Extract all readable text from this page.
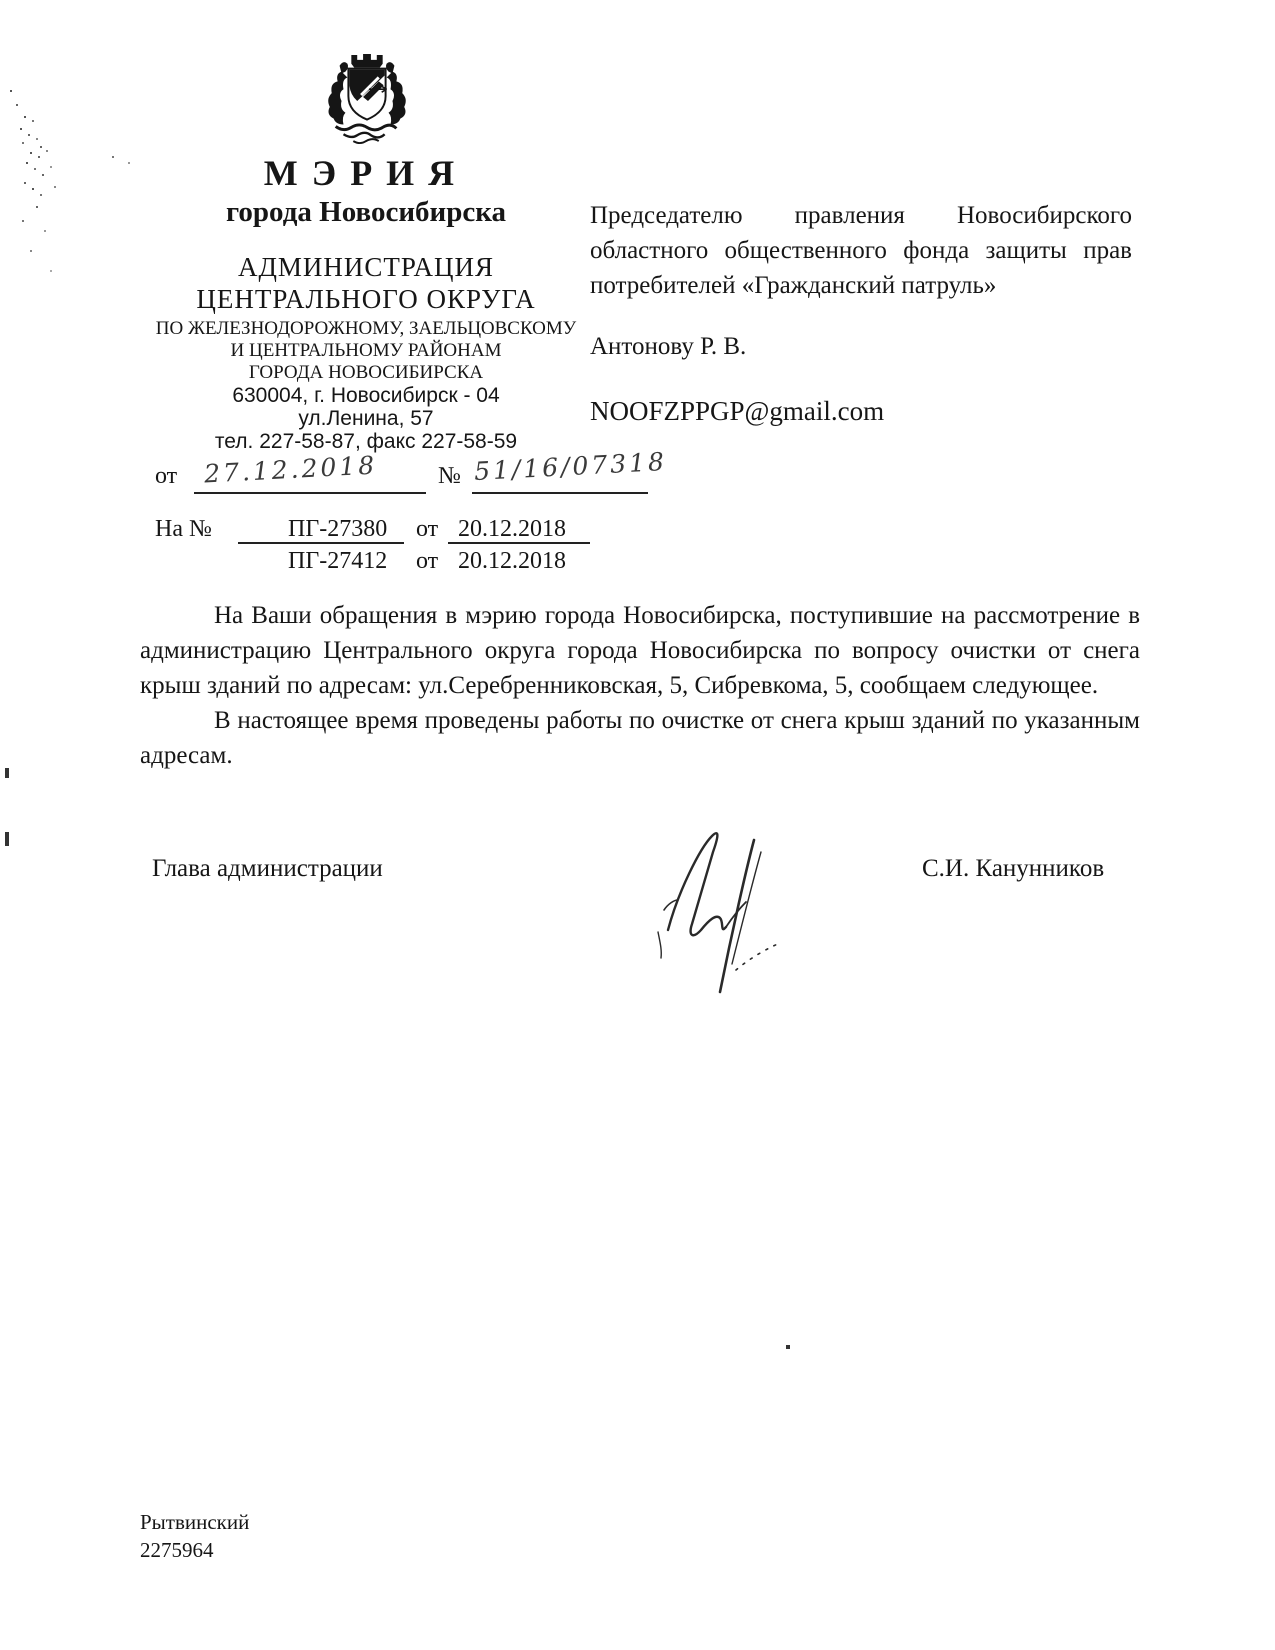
МЭРИЯ
города Новосибирска
АДМИНИСТРАЦИЯ
ЦЕНТРАЛЬНОГО ОКРУГА
ПО ЖЕЛЕЗНОДОРОЖНОМУ, ЗАЕЛЬЦОВСКОМУ
И ЦЕНТРАЛЬНОМУ РАЙОНАМ
ГОРОДА НОВОСИБИРСКА
630004, г. Новосибирск - 04
ул.Ленина, 57
тел. 227-58-87, факс 227-58-59
Председателю правления Новосибирского областного общественного фонда защиты прав потребителей «Гражданский патруль»
Антонову Р. В.
NOOFZPPGP@gmail.com
от 27.12.2018	№ 51/16/07318
На №	ПГ-27380 от 20.12.2018
ПГ-27412 от 20.12.2018

На Ваши обращения в мэрию города Новосибирска, поступившие на рассмотрение в администрацию Центрального округа города Новосибирска по вопросу очистки от снега крыш зданий по адресам: ул.Серебренниковская, 5, Сибревкома, 5, сообщаем следующее.

В настоящее время проведены работы по очистке от снега крыш зданий по указанным адресам.

Глава администрации	С.И. Канунников
Рытвинский
2275964
